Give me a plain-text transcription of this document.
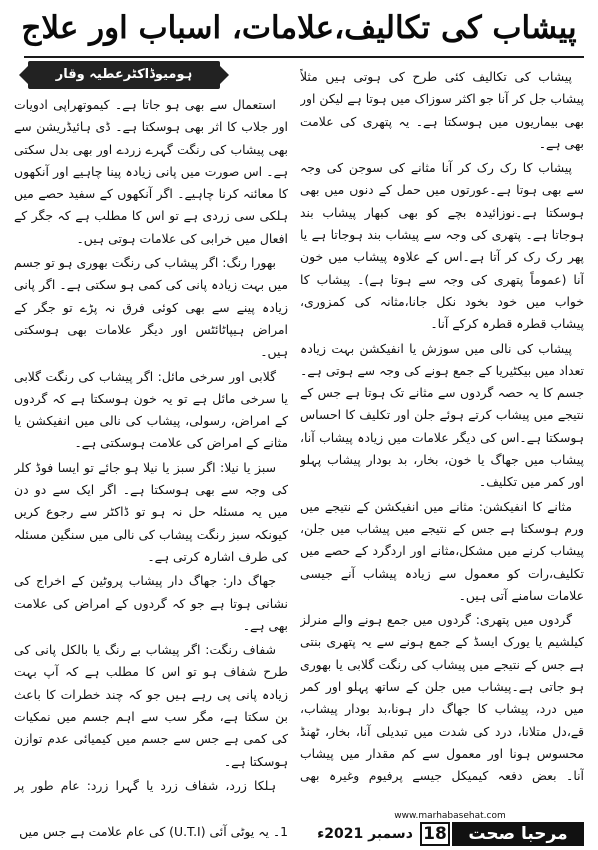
پیشاب کی تکالیف،علامات، اسباب اور علاج

پیشاب کی تکالیف کئی طرح کی ہوتی ہیں مثلاً پیشاب جل کر آنا جو اکثر سوزاک میں ہوتا ہے لیکن اور بھی بیماریوں میں ہوسکتا ہے۔ یہ پتھری کی علامت بھی ہے۔

پیشاب کا رک رک کر آنا مثانے کی سوجن کی وجہ سے بھی ہوتا ہے۔عورتوں میں حمل کے دنوں میں بھی ہوسکتا ہے۔نوزائیدہ بچے کو بھی کبھار پیشاب بند ہوجاتا ہے۔ پتھری کی وجہ سے پیشاب بند ہوجاتا ہے یا پھر رک رک کر آتا ہے۔اس کے علاوہ پیشاب میں خون آنا (عموماً پتھری کی وجہ سے ہوتا ہے)۔ پیشاب کا خواب میں خود بخود نکل جانا،مثانہ کی کمزوری، پیشاب قطرہ قطرہ کرکے آنا۔

پیشاب کی نالی میں سوزش یا انفیکشن بہت زیادہ تعداد میں بیکٹیریا کے جمع ہونے کی وجہ سے ہوتی ہے۔ جسم کا یہ حصہ گردوں سے مثانے تک ہوتا ہے جس کے نتیجے میں پیشاب کرتے ہوئے جلن اور تکلیف کا احساس ہوسکتا ہے۔اس کی دیگر علامات میں زیادہ پیشاب آنا، پیشاب میں جھاگ یا خون، بخار، بد بودار پیشاب پہلو اور کمر میں تکلیف۔

مثانے کا انفیکشن: مثانے میں انفیکشن کے نتیجے میں ورم ہوسکتا ہے جس کے نتیجے میں پیشاب میں جلن، پیشاب کرنے میں مشکل،مثانے اور اردگرد کے حصے میں تکلیف،رات کو معمول سے زیادہ پیشاب آنے جیسی علامات سامنے آتی ہیں۔

گردوں میں پتھری: گردوں میں جمع ہونے والے منرلز کیلشیم یا یورک ایسڈ کے جمع ہونے سے یہ پتھری بنتی ہے جس کے نتیجے میں پیشاب کی رنگت گلابی یا بھوری ہو جاتی ہے۔پیشاب میں جلن کے ساتھ پہلو اور کمر میں درد، پیشاب کا جھاگ دار ہونا،بد بودار پیشاب، قے،دل متلانا، درد کی شدت میں تبدیلی آنا، بخار، ٹھنڈ محسوس ہونا اور معمول سے کم مقدار میں پیشاب آنا۔ بعض دفعہ کیمیکل جیسے پرفیوم وغیرہ بھی

ہومیوڈاکٹرعطیہ وقار

استعمال سے بھی ہو جاتا ہے۔ کیموتھراپی ادویات اور جلاب کا اثر بھی ہوسکتا ہے۔ ڈی ہائیڈریشن سے بھی پیشاب کی رنگت گہرے زردے اور بھی بدل سکتی ہے۔ اس صورت میں پانی زیادہ پینا چاہیے اور آنکھوں کا معائنہ کرنا چاہیے۔ اگر آنکھوں کے سفید حصے میں ہلکی سی زردی ہے تو اس کا مطلب ہے کہ جگر کے افعال میں خرابی کی علامات ہوتی ہیں۔

بھورا رنگ: اگر پیشاب کی رنگت بھوری ہو تو جسم میں بہت زیادہ پانی کی کمی ہو سکتی ہے۔ اگر پانی زیادہ پینے سے بھی کوئی فرق نہ پڑے تو جگر کے امراض ہیپاٹائٹس اور دیگر علامات بھی ہوسکتی ہیں۔

گلابی اور سرخی مائل: اگر پیشاب کی رنگت گلابی یا سرخی مائل ہے تو یہ خون ہوسکتا ہے کہ گردوں کے امراض، رسولی، پیشاب کی نالی میں انفیکشن یا مثانے کے امراض کی علامت ہوسکتی ہے۔

سبز یا نیلا: اگر سبز یا نیلا ہو جائے تو ایسا فوڈ کلر کی وجہ سے بھی ہوسکتا ہے۔ اگر ایک سے دو دن میں یہ مسئلہ حل نہ ہو تو ڈاکٹر سے رجوع کریں کیونکہ سبز رنگت پیشاب کی نالی میں سنگین مسئلہ کی طرف اشارہ کرتی ہے۔

جھاگ دار: جھاگ دار پیشاب پروٹین کے اخراج کی نشانی ہوتا ہے جو کہ گردوں کے امراض کی علامت بھی ہے۔

شفاف رنگت: اگر پیشاب بے رنگ یا بالکل پانی کی طرح شفاف ہو تو اس کا مطلب ہے کہ آپ بہت زیادہ پانی پی رہے ہیں جو کہ چند خطرات کا باعث بن سکتا ہے، مگر سب سے اہم جسم میں نمکیات کی کمی ہے جس سے جسم میں کیمیائی عدم توازن ہوسکتا ہے۔

ہلکا زرد، شفاف زرد یا گہرا زرد: عام طور پر

1۔ یہ یوٹی آئی (U.T.I) کی عام علامت ہے جس میں
www.marhabasehat.com
مرحبا صحت
18
دسمبر 2021ء
